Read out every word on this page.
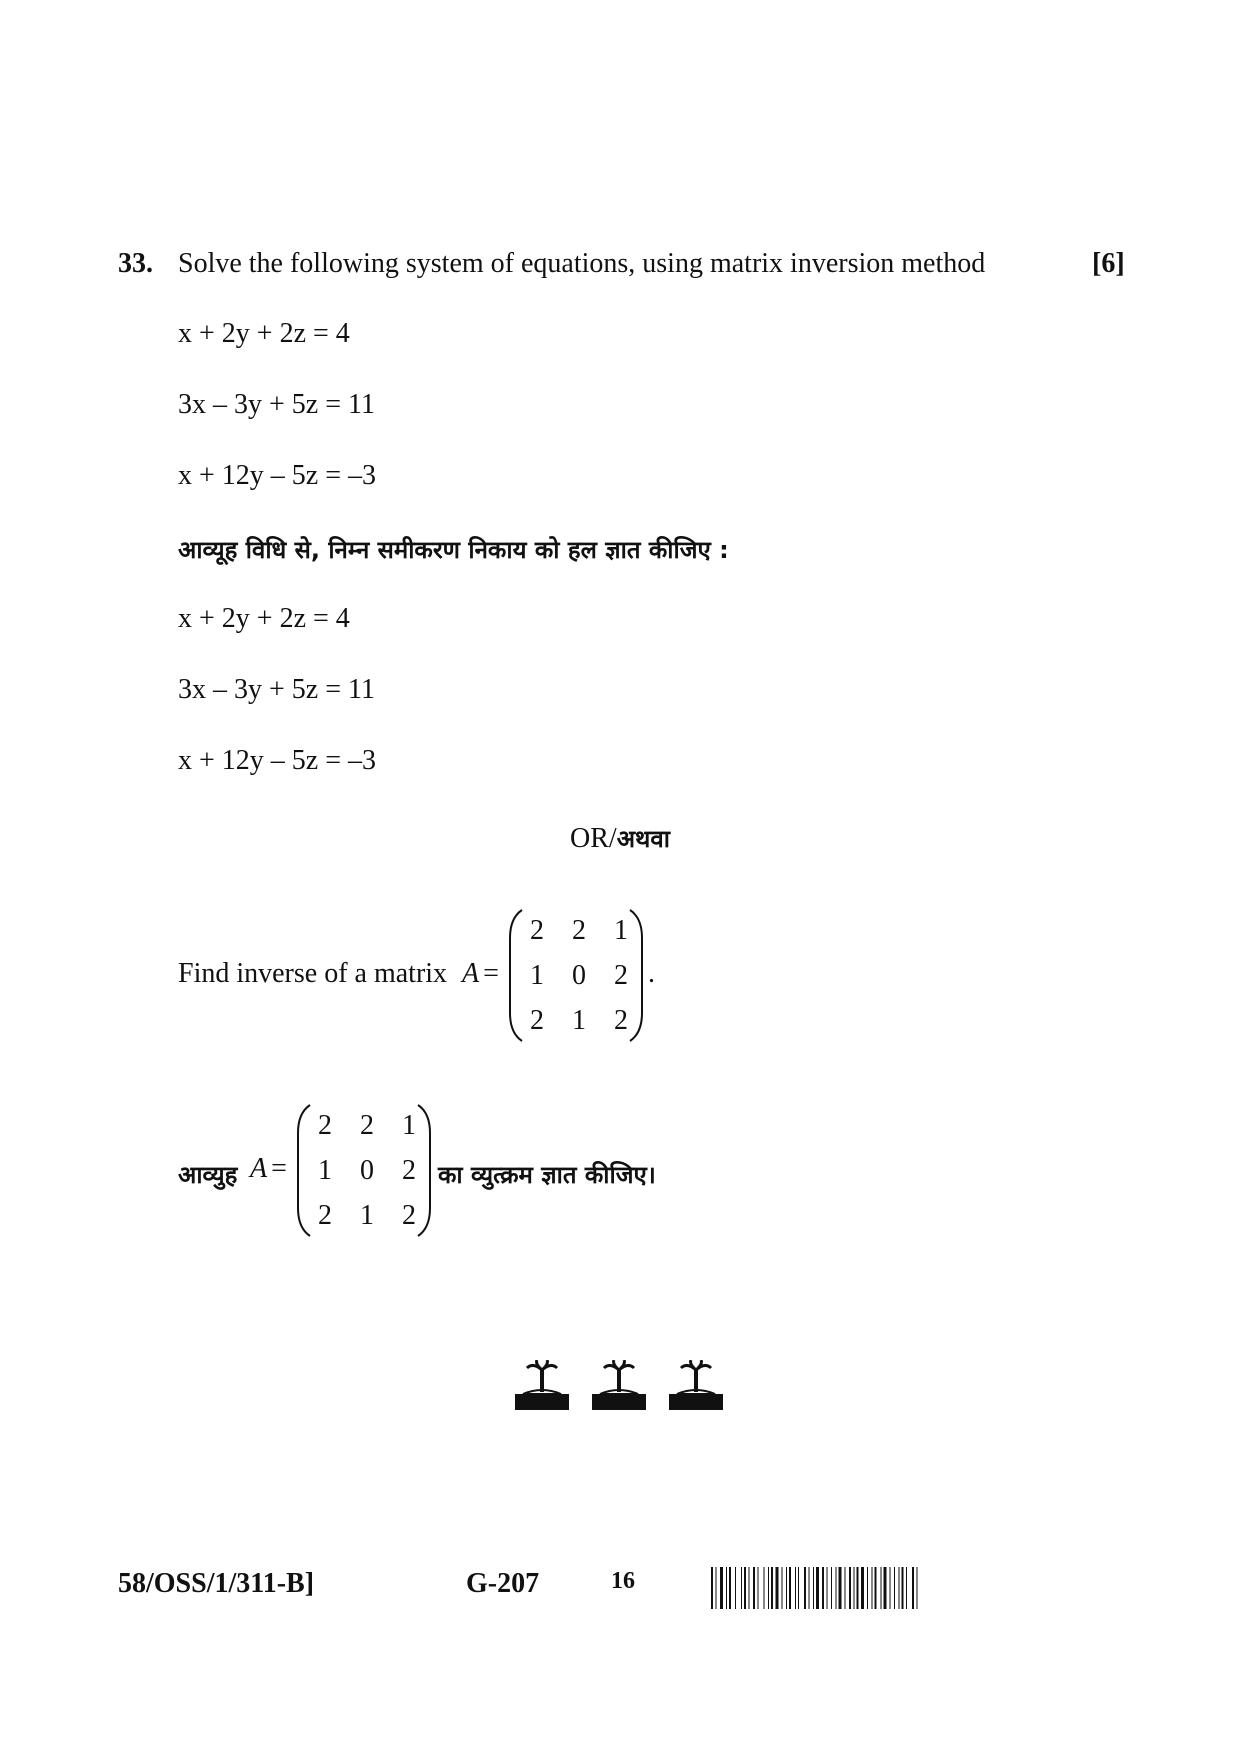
33. Solve the following system of equations, using matrix inversion method	[6]
x + 2y + 2z = 4
3x – 3y + 5z = 11
x + 12y – 5z = –3
आव्यूह विधि से, निम्न समीकरण निकाय को हल ज्ञात कीजिए :
x + 2y + 2z = 4
3x – 3y + 5z = 11
x + 12y – 5z = –3
OR/अथवा
Find inverse of a matrix A =
2	2	1
1	0	2
2	1	2
.
आव्युह A =
2	2	1
1	0	2
2	1	2
का व्युत्क्रम ज्ञात कीजिए।
58/OSS/1/311-B]	G-207	16
